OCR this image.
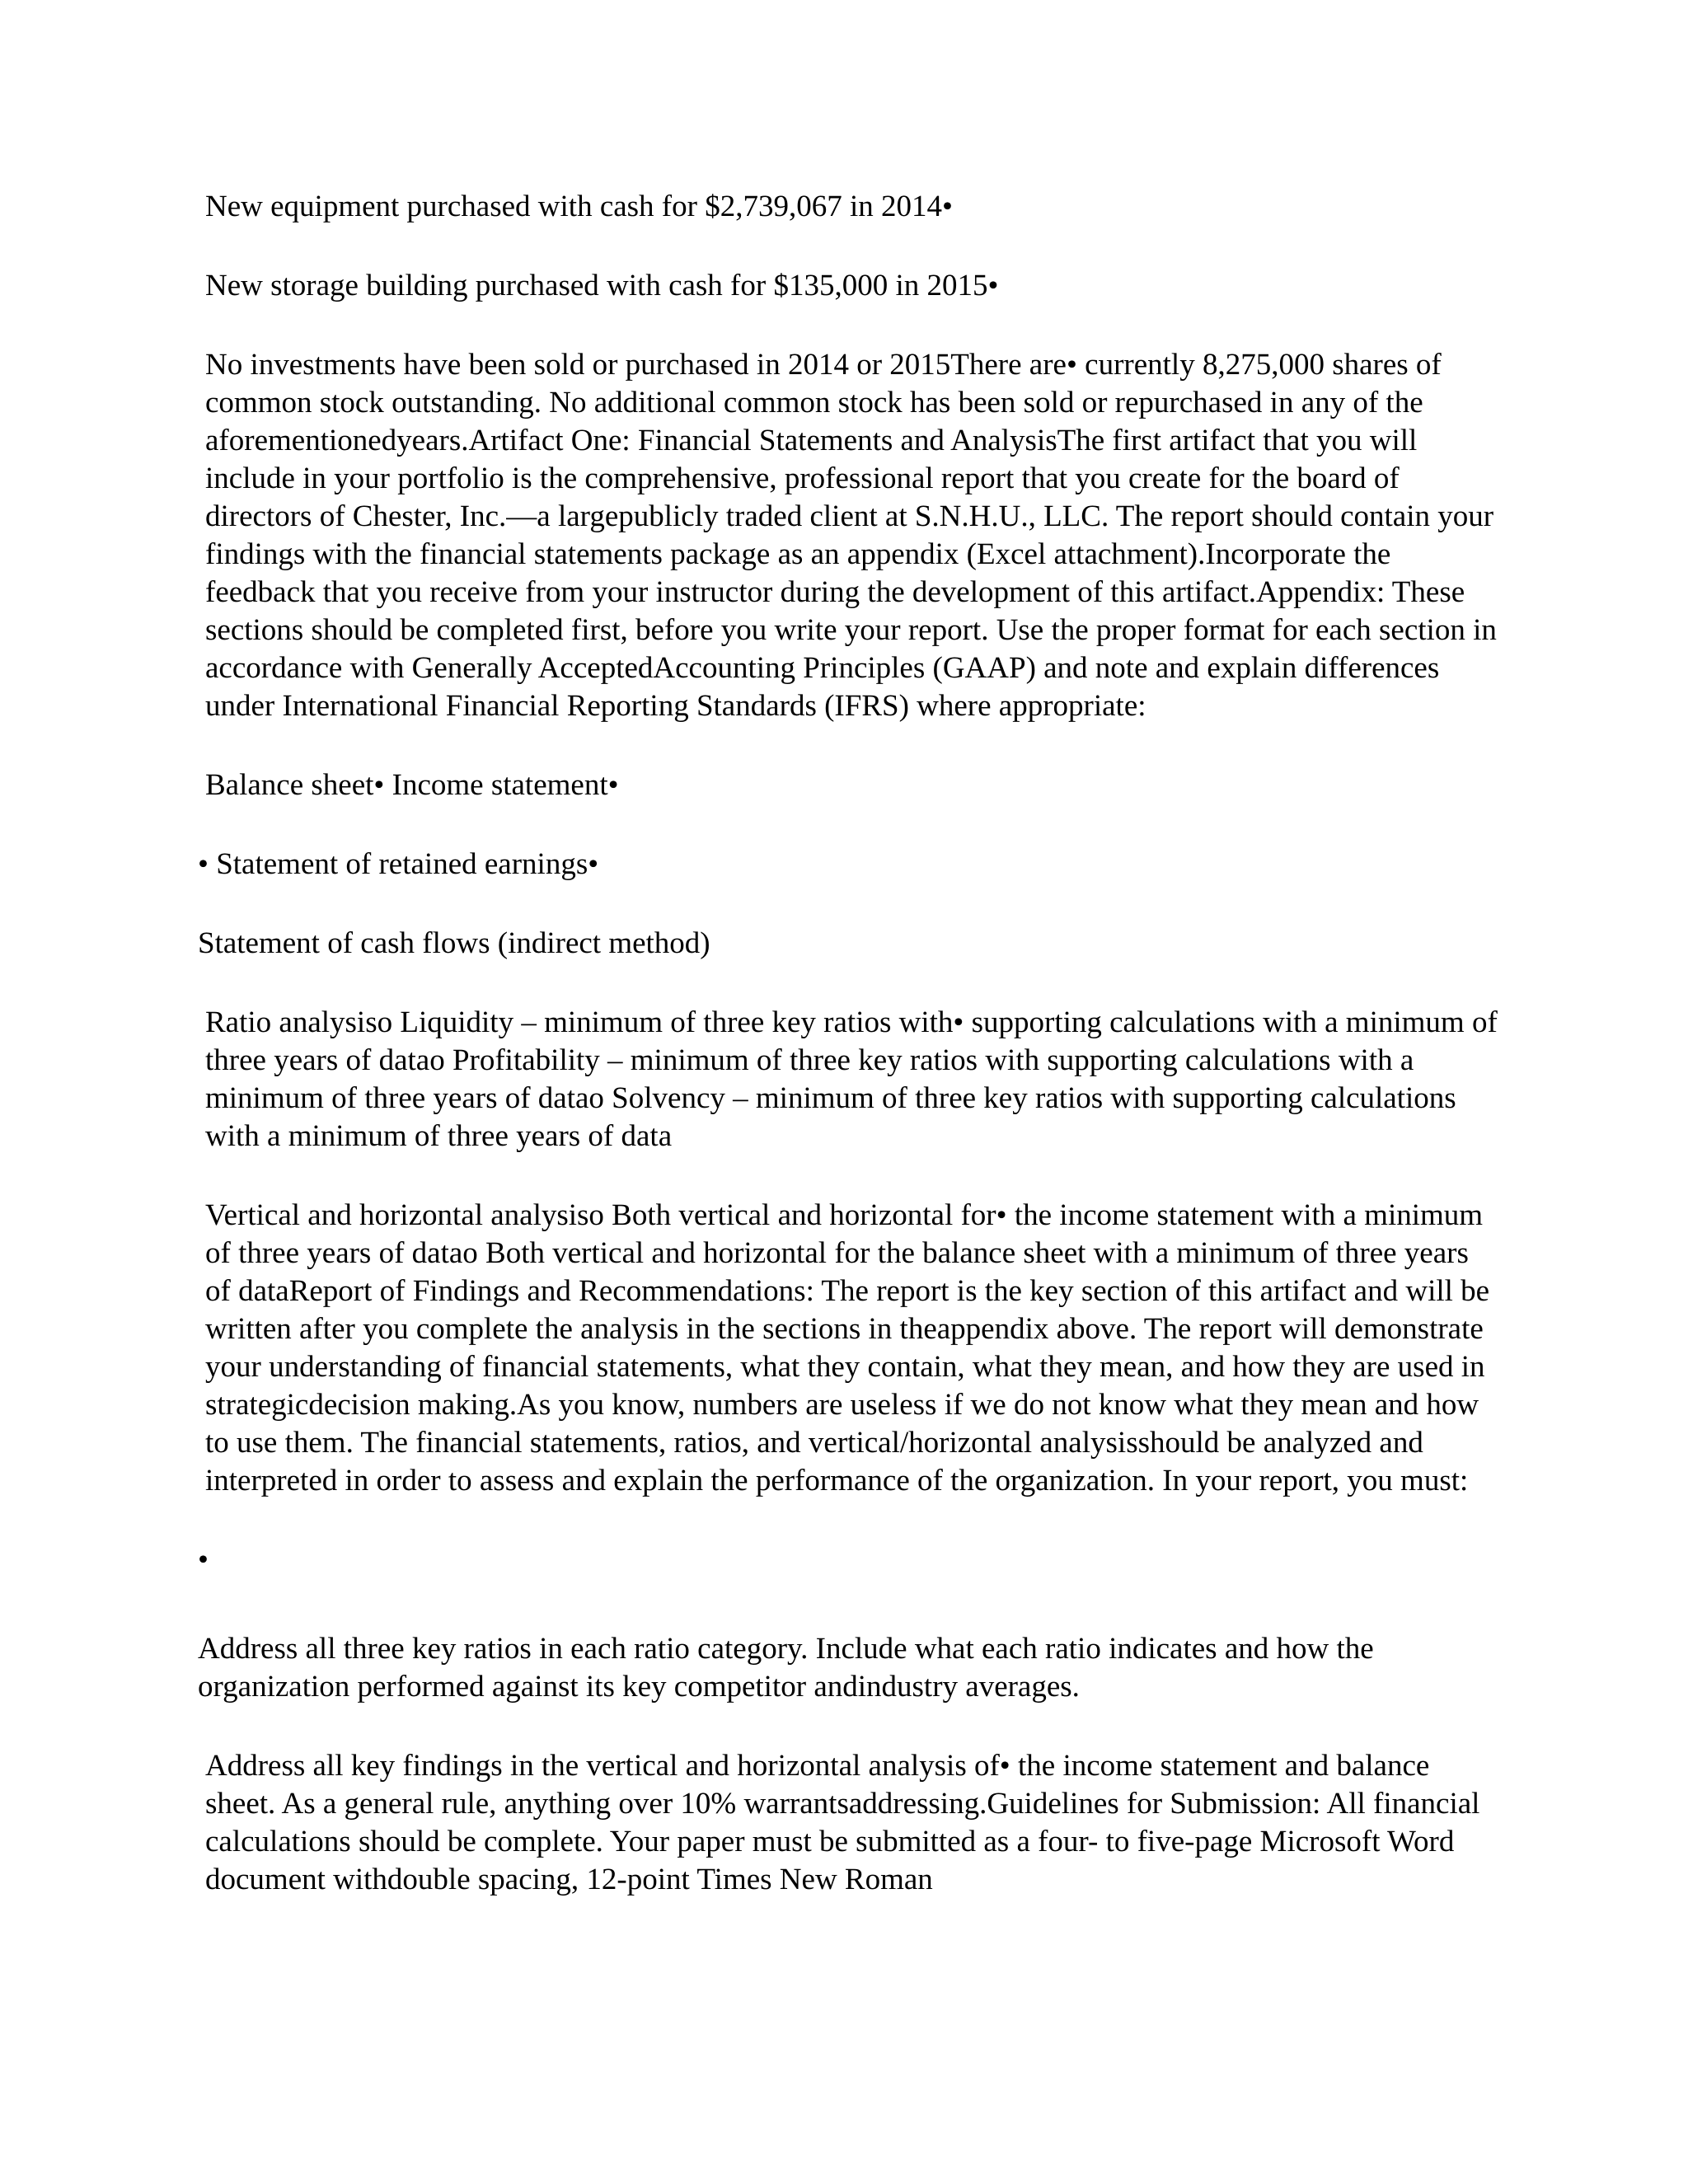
New equipment purchased with cash for $2,739,067 in 2014•

New storage building purchased with cash for $135,000 in 2015•

No investments have been sold or purchased in 2014 or 2015There are• currently 8,275,000 shares of common stock outstanding. No additional common stock has been sold or repurchased in any of the aforementionedyears.Artifact One: Financial Statements and AnalysisThe first artifact that you will include in your portfolio is the comprehensive, professional report that you create for the board of directors of Chester, Inc.—a largepublicly traded client at S.N.H.U., LLC. The report should contain your findings with the financial statements package as an appendix (Excel attachment).Incorporate the feedback that you receive from your instructor during the development of this artifact.Appendix: These sections should be completed first, before you write your report. Use the proper format for each section in accordance with Generally AcceptedAccounting Principles (GAAP) and note and explain differences under International Financial Reporting Standards (IFRS) where appropriate:

Balance sheet• Income statement•

• Statement of retained earnings•

Statement of cash flows (indirect method)

Ratio analysiso Liquidity – minimum of three key ratios with• supporting calculations with a minimum of three years of datao Profitability – minimum of three key ratios with supporting calculations with a minimum of three years of datao Solvency – minimum of three key ratios with supporting calculations with a minimum of three years of data

Vertical and horizontal analysiso Both vertical and horizontal for• the income statement with a minimum of three years of datao Both vertical and horizontal for the balance sheet with a minimum of three years of dataReport of Findings and Recommendations: The report is the key section of this artifact and will be written after you complete the analysis in the sections in theappendix above. The report will demonstrate your understanding of financial statements, what they contain, what they mean, and how they are used in strategicdecision making.As you know, numbers are useless if we do not know what they mean and how to use them. The financial statements, ratios, and vertical/horizontal analysisshould be analyzed and interpreted in order to assess and explain the performance of the organization. In your report, you must:

•

Address all three key ratios in each ratio category. Include what each ratio indicates and how the organization performed against its key competitor andindustry averages.

Address all key findings in the vertical and horizontal analysis of• the income statement and balance sheet. As a general rule, anything over 10% warrantsaddressing.Guidelines for Submission: All financial calculations should be complete. Your paper must be submitted as a four- to five-page Microsoft Word document withdouble spacing, 12-point Times New Roman
